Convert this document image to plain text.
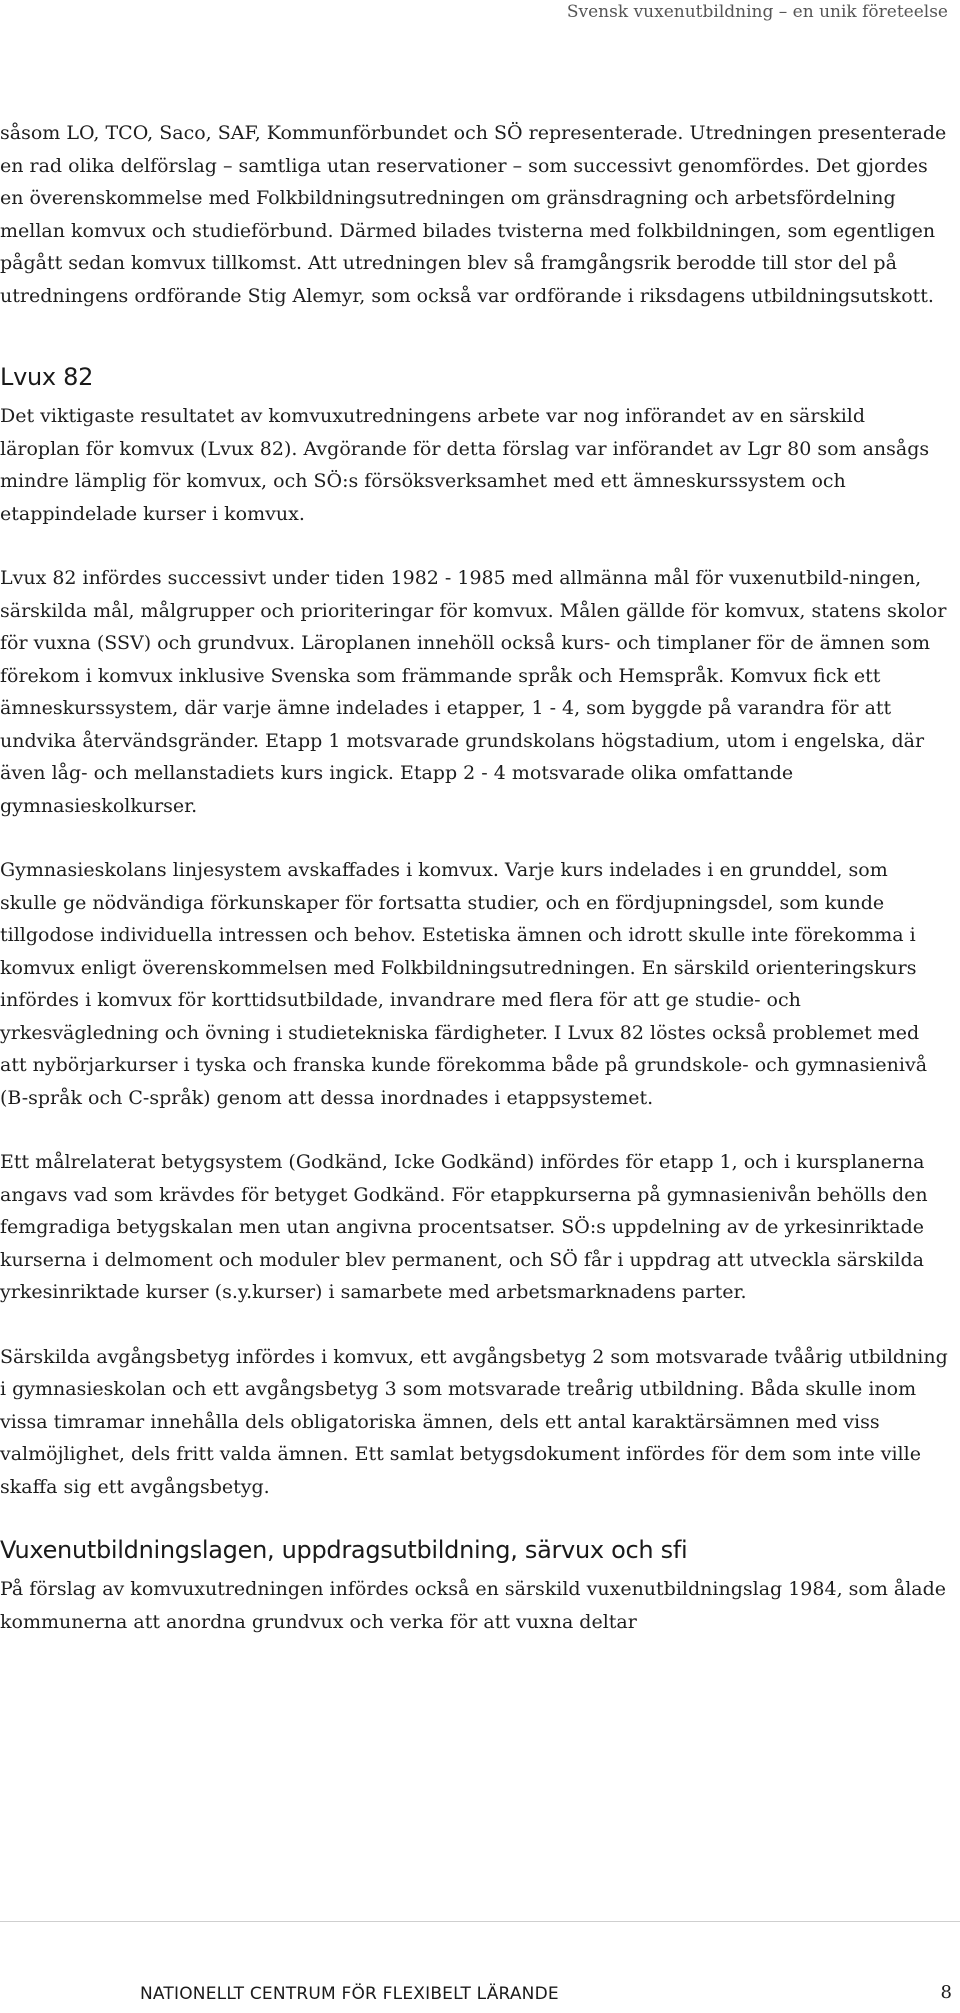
Svensk vuxenutbildning – en unik företeelse

såsom LO, TCO, Saco, SAF, Kommunförbundet och SÖ representerade. Utredningen presenterade en rad olika delförslag – samtliga utan reservationer – som successivt genomfördes. Det gjordes en överenskommelse med Folkbildningsutredningen om gränsdragning och arbetsfördelning mellan komvux och studieförbund. Därmed bilades tvisterna med folkbildningen, som egentligen pågått sedan komvux tillkomst. Att utredningen blev så framgångsrik berodde till stor del på utredningens ordförande Stig Alemyr, som också var ordförande i riksdagens utbildningsutskott.

Lvux 82

Det viktigaste resultatet av komvuxutredningens arbete var nog införandet av en särskild läroplan för komvux (Lvux 82). Avgörande för detta förslag var införandet av Lgr 80 som ansågs mindre lämplig för komvux, och SÖ:s försöksverksamhet med ett ämneskurssystem och etappindelade kurser i komvux.

Lvux 82 infördes successivt under tiden 1982 - 1985 med allmänna mål för vuxenutbild-ningen, särskilda mål, målgrupper och prioriteringar för komvux. Målen gällde för komvux, statens skolor för vuxna (SSV) och grundvux. Läroplanen innehöll också kurs- och timplaner för de ämnen som förekom i komvux inklusive Svenska som främmande språk och Hemspråk. Komvux fick ett ämneskurssystem, där varje ämne indelades i etapper, 1 - 4, som byggde på varandra för att undvika återvändsgränder. Etapp 1 motsvarade grundskolans högstadium, utom i engelska, där även låg- och mellanstadiets kurs ingick. Etapp 2 - 4 motsvarade olika omfattande gymnasieskolkurser.

Gymnasieskolans linjesystem avskaffades i komvux. Varje kurs indelades i en grunddel, som skulle ge nödvändiga förkunskaper för fortsatta studier, och en fördjupningsdel, som kunde tillgodose individuella intressen och behov. Estetiska ämnen och idrott skulle inte förekomma i komvux enligt överenskommelsen med Folkbildningsutredningen. En särskild orienteringskurs infördes i komvux för korttidsutbildade, invandrare med flera för att ge studie- och yrkesvägledning och övning i studietekniska färdigheter. I Lvux 82 löstes också problemet med att nybörjarkurser i tyska och franska kunde förekomma både på grundskole- och gymnasienivå (B-språk och C-språk) genom att dessa inordnades i etappsystemet.

Ett målrelaterat betygsystem (Godkänd, Icke Godkänd) infördes för etapp 1, och i kursplanerna angavs vad som krävdes för betyget Godkänd. För etappkurserna på gymnasienivån behölls den femgradiga betygskalan men utan angivna procentsatser. SÖ:s uppdelning av de yrkesinriktade kurserna i delmoment och moduler blev permanent, och SÖ får i uppdrag att utveckla särskilda yrkesinriktade kurser (s.y.kurser) i samarbete med arbetsmarknadens parter.

Särskilda avgångsbetyg infördes i komvux, ett avgångsbetyg 2 som motsvarade tvåårig utbildning i gymnasieskolan och ett avgångsbetyg 3 som motsvarade treårig utbildning. Båda skulle inom vissa timramar innehålla dels obligatoriska ämnen, dels ett antal karaktärsämnen med viss valmöjlighet, dels fritt valda ämnen. Ett samlat betygsdokument infördes för dem som inte ville skaffa sig ett avgångsbetyg.

Vuxenutbildningslagen, uppdragsutbildning, särvux och sfi

På förslag av komvuxutredningen infördes också en särskild vuxenutbildningslag 1984, som ålade kommunerna att anordna grundvux och verka för att vuxna deltar

NATIONELLT CENTRUM FÖR FLEXIBELT LÄRANDE	8
